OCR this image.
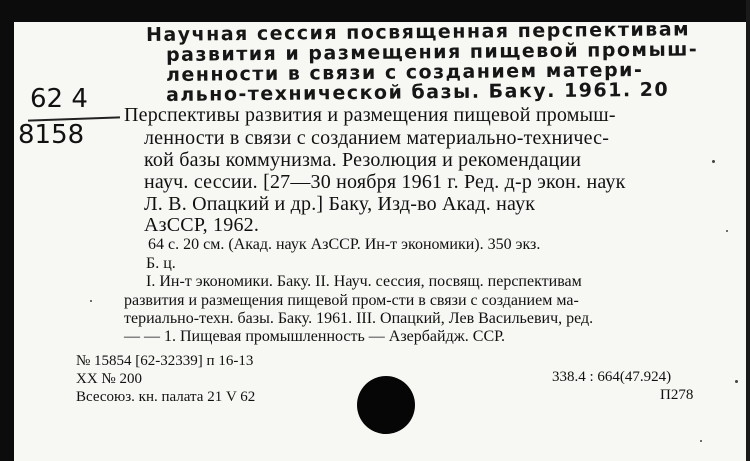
Научная сессия посвященная перспективам
развития и размещения пищевой промыш-
ленности в связи с созданием матери-
ально-технической базы. Баку. 1961. 20
62 4
8158
Перспективы развития и размещения пищевой промыш-
ленности в связи с созданием материально-техничес-
кой базы коммунизма. Резолюция и рекомендации
науч. сессии. [27—30 ноября 1961 г. Ред. д-р экон. наук
Л. В. Опацкий и др.] Баку, Изд-во Акад. наук
АзССР, 1962.
64 с. 20 см. (Акад. наук АзССР. Ин-т экономики). 350 экз.
Б. ц.
I. Ин-т экономики. Баку. II. Науч. сессия, посвящ. перспективам
развития и размещения пищевой пром-сти в связи с созданием ма-
териально-техн. базы. Баку. 1961. III. Опацкий, Лев Васильевич, ред.
— — 1. Пищевая промышленность — Азербайдж. ССР.
№ 15854 [62-32339] п 16-13
XX № 200
Всесоюз. кн. палата 21 V 62
338.4 : 664(47.924)
П278
